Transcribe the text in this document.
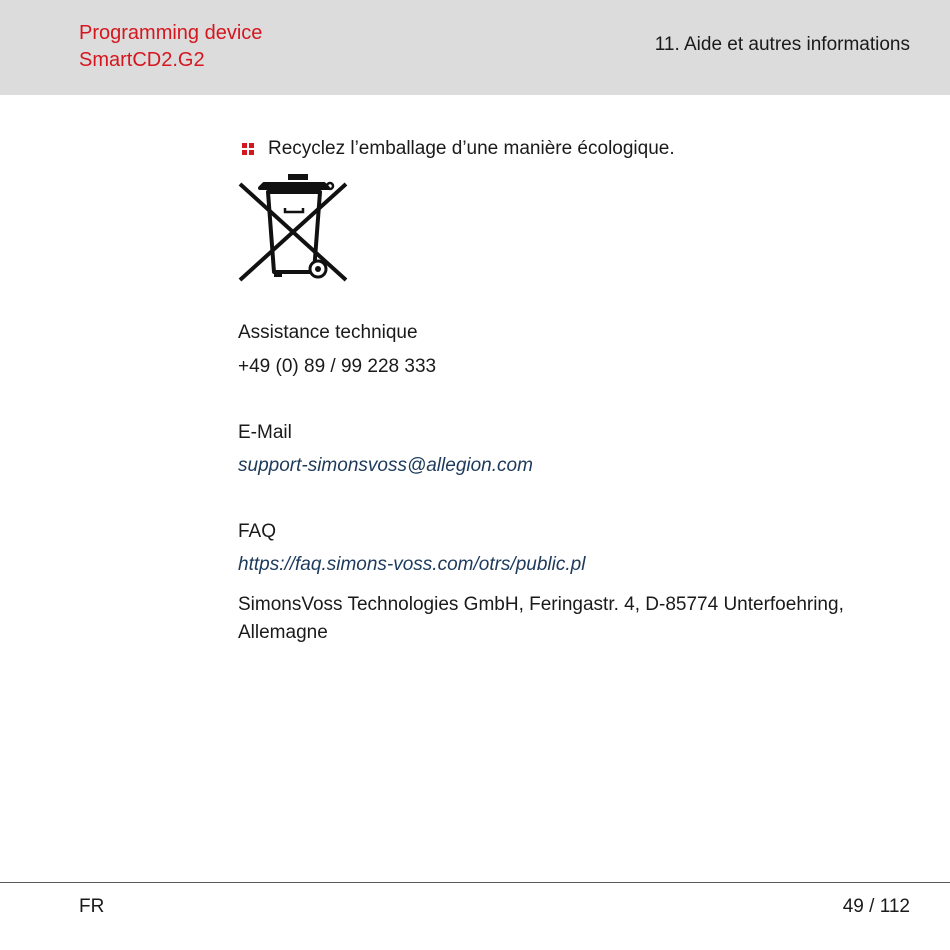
Programming device
SmartCD2.G2
11. Aide et autres informations
Recyclez l’emballage d’une manière écologique.
Assistance technique
+49 (0) 89 / 99 228 333
E-Mail
support-simonsvoss@allegion.com
FAQ
https://faq.simons-voss.com/otrs/public.pl
SimonsVoss Technologies GmbH, Feringastr. 4, D-85774 Unterfoehring,
Allemagne
FR	49 / 112
